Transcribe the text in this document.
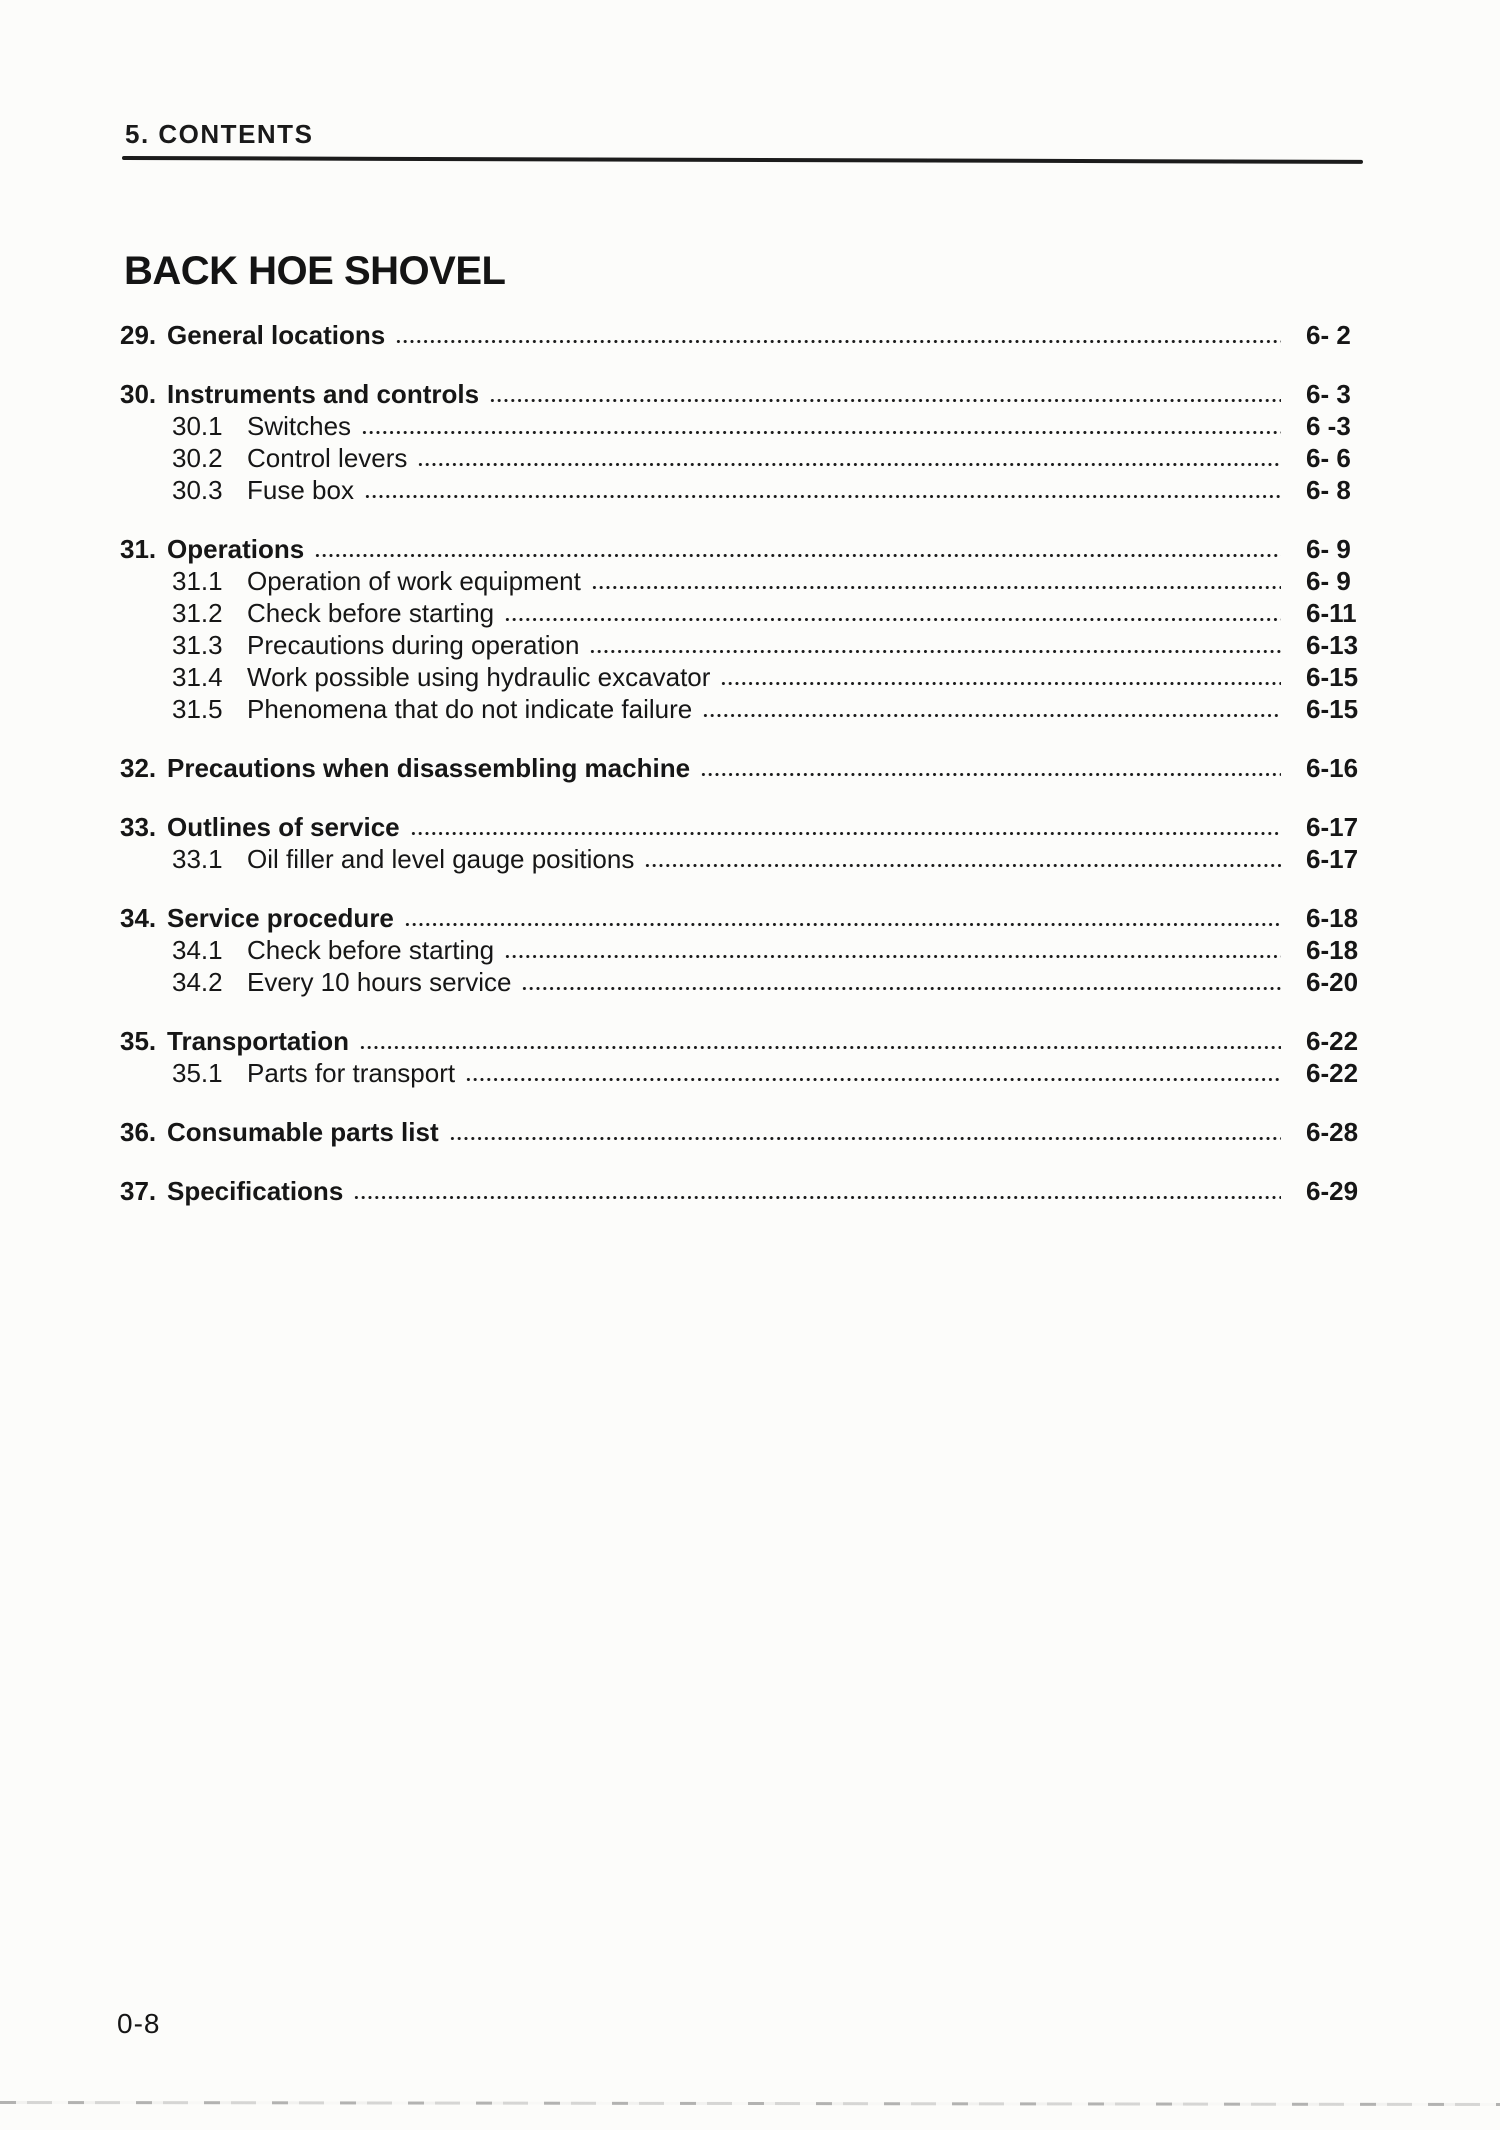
5. CONTENTS
BACK HOE SHOVEL
29. General locations	6- 2
30. Instruments and controls	6- 3
30.1 Switches	6 -3
30.2 Control levers	6- 6
30.3 Fuse box	6- 8
31. Operations	6- 9
31.1 Operation of work equipment	6- 9
31.2 Check before starting	6-11
31.3 Precautions during operation	6-13
31.4 Work possible using hydraulic excavator	6-15
31.5 Phenomena that do not indicate failure	6-15
32. Precautions when disassembling machine	6-16
33. Outlines of service	6-17
33.1 Oil filler and level gauge positions	6-17
34. Service procedure	6-18
34.1 Check before starting	6-18
34.2 Every 10 hours service	6-20
35. Transportation	6-22
35.1 Parts for transport	6-22
36. Consumable parts list	6-28
37. Specifications	6-29
0-8
